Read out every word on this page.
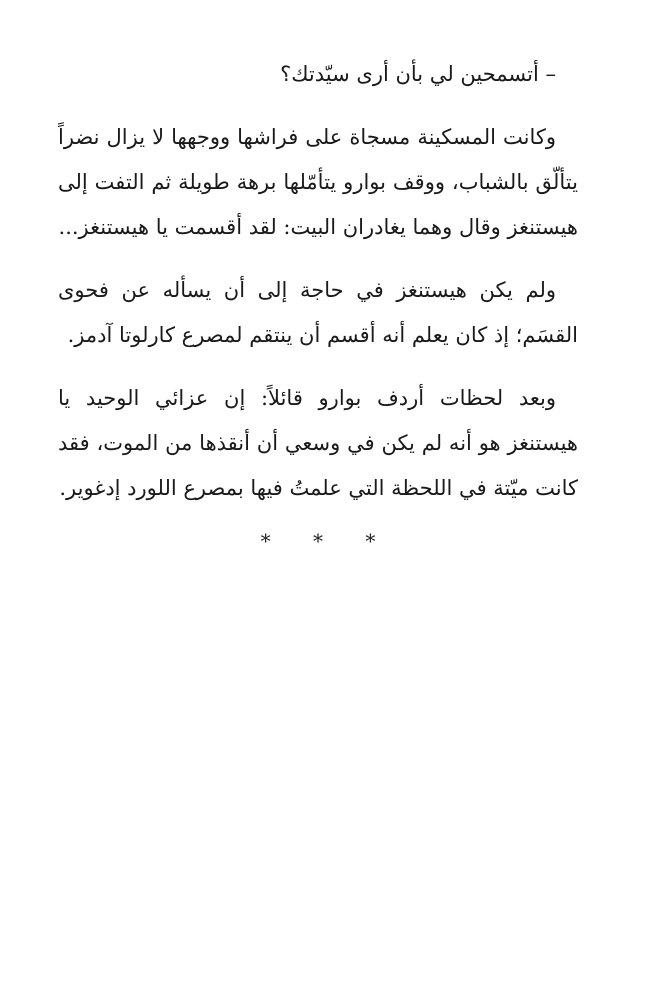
– أتسمحين لي بأن أرى سيّدتك؟

وكانت المسكينة مسجاة على فراشها ووجهها لا يزال نضراً يتألّق بالشباب، ووقف بوارو يتأمّلها برهة طويلة ثم التفت إلى هيستنغز وقال وهما يغادران البيت: لقد أقسمت يا هيستنغز...

ولم يكن هيستنغز في حاجة إلى أن يسأله عن فحوى القسَم؛ إذ كان يعلم أنه أقسم أن ينتقم لمصرع كارلوتا آدمز.

وبعد لحظات أردف بوارو قائلاً: إن عزائي الوحيد يا هيستنغز هو أنه لم يكن في وسعي أن أنقذها من الموت، فقد كانت ميّتة في اللحظة التي علمتُ فيها بمصرع اللورد إدغوير.

* * *
